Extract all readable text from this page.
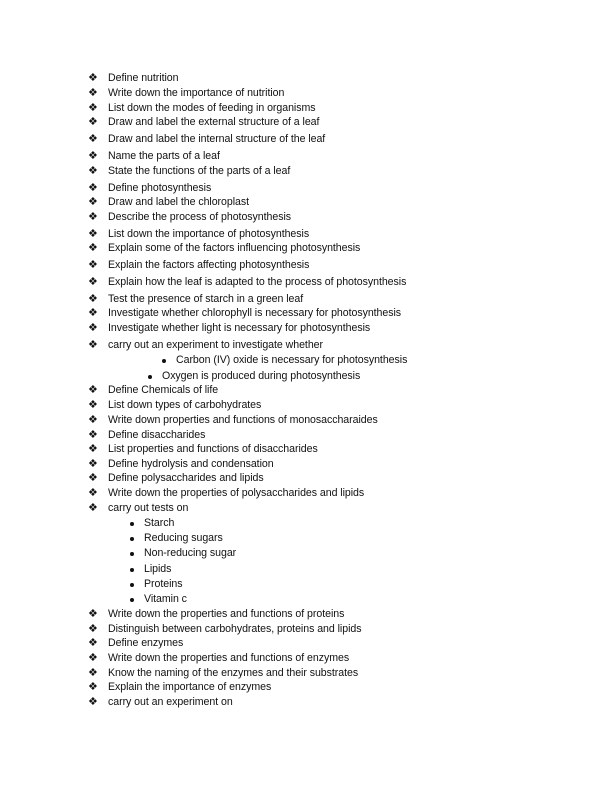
❖ Define nutrition
❖ Write down the importance of nutrition
❖ List down the modes of feeding in organisms
❖ Draw and label the external structure of a leaf
❖ Draw and label the internal structure of the leaf
❖ Name the parts of a leaf
❖ State the functions of the parts of a leaf
❖ Define photosynthesis
❖ Draw and label the chloroplast
❖ Describe the process of photosynthesis
❖ List down the importance of photosynthesis
❖ Explain some of the factors influencing photosynthesis
❖ Explain the factors affecting photosynthesis
❖ Explain how the leaf is adapted to the process of photosynthesis
❖ Test the presence of starch in a green leaf
❖ Investigate whether chlorophyll is necessary for photosynthesis
❖ Investigate whether light is necessary for photosynthesis
❖ carry out an experiment to investigate whether
Carbon (IV) oxide is necessary for photosynthesis
Oxygen is produced during photosynthesis
❖ Define Chemicals of life
❖ List down types of carbohydrates
❖ Write down properties and functions of monosaccharaides
❖ Define disaccharides
❖ List properties and functions of disaccharides
❖ Define hydrolysis and condensation
❖ Define polysaccharides and lipids
❖ Write down the properties of polysaccharides and lipids
❖ carry out tests on
Starch
Reducing sugars
Non-reducing sugar
Lipids
Proteins
Vitamin c
❖ Write down the properties and functions of proteins
❖ Distinguish between carbohydrates, proteins and lipids
❖ Define enzymes
❖ Write down the properties and functions of enzymes
❖ Know the naming of the enzymes and their substrates
❖ Explain the importance of enzymes
❖ carry out an experiment on
